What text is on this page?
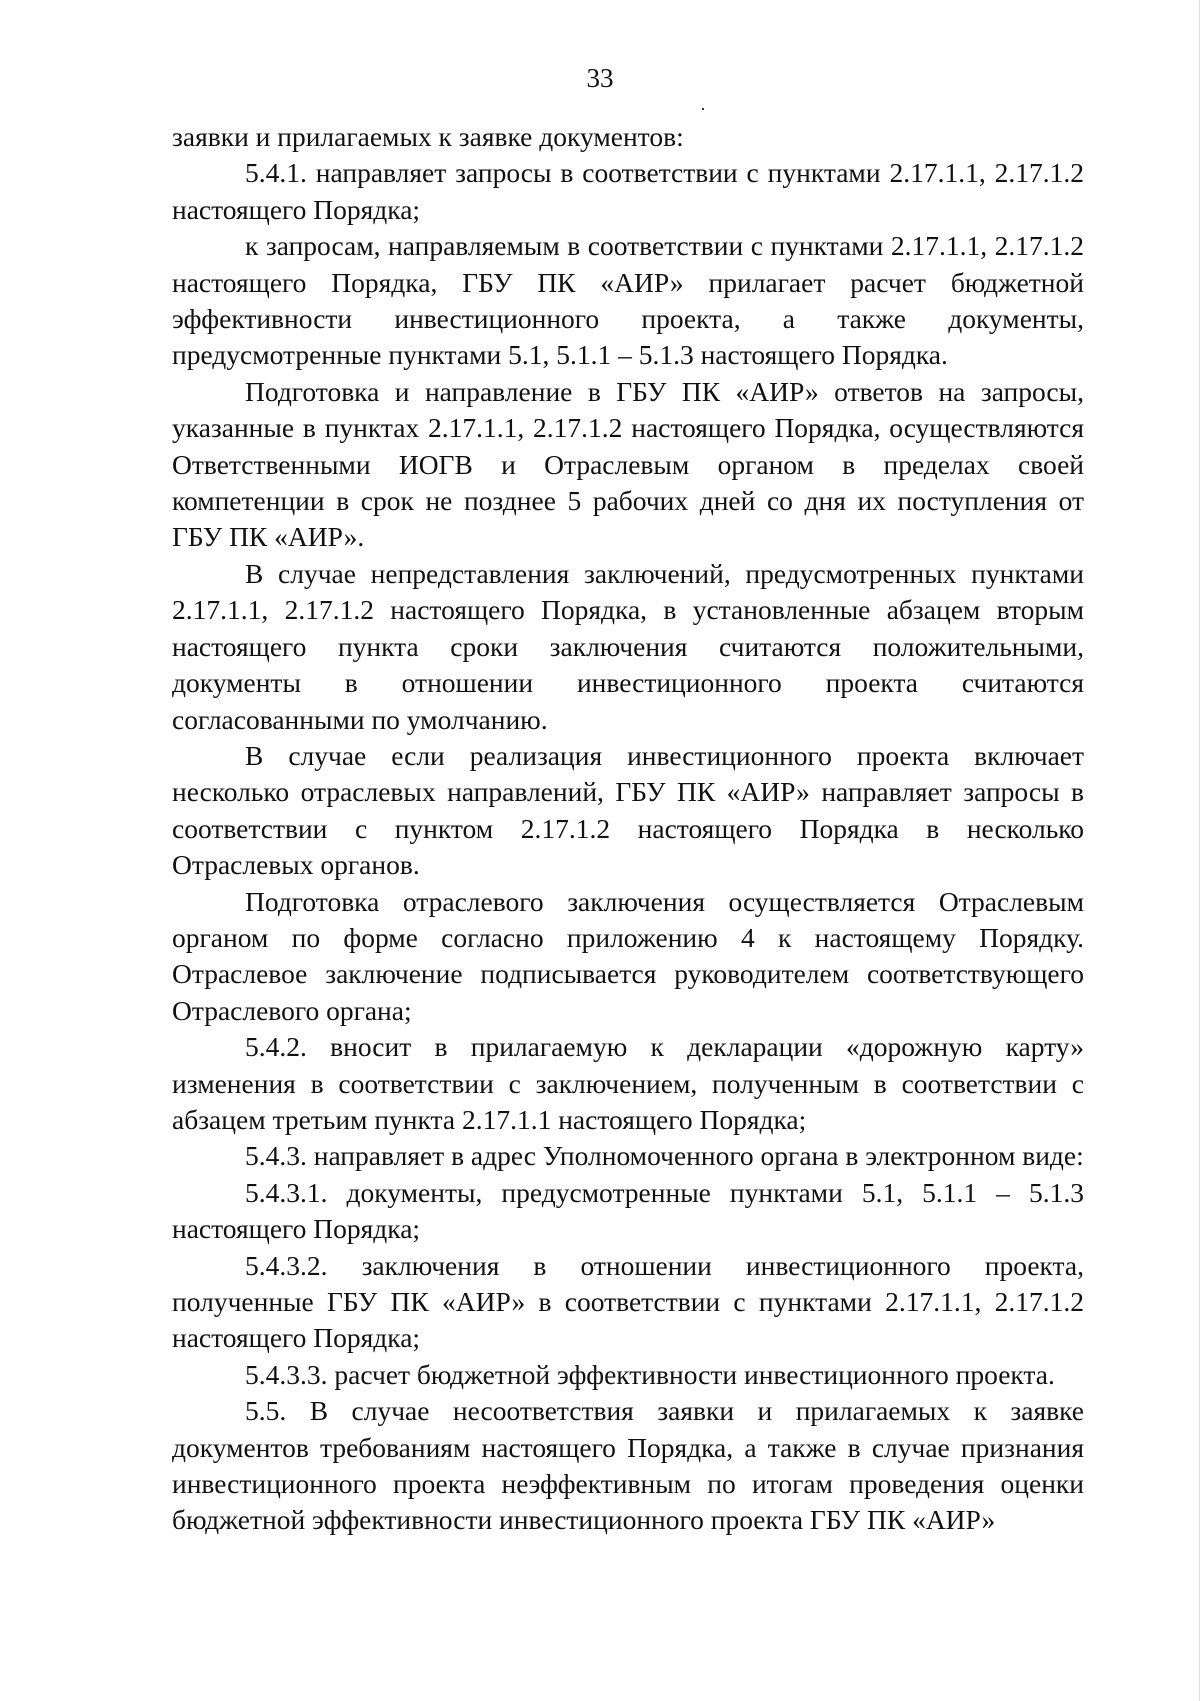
33

заявки и прилагаемых к заявке документов:

5.4.1. направляет запросы в соответствии с пунктами 2.17.1.1, 2.17.1.2 настоящего Порядка;

к запросам, направляемым в соответствии с пунктами 2.17.1.1, 2.17.1.2 настоящего Порядка, ГБУ ПК «АИР» прилагает расчет бюджетной эффективности инвестиционного проекта, а также документы, предусмотренные пунктами 5.1, 5.1.1 – 5.1.3 настоящего Порядка.

Подготовка и направление в ГБУ ПК «АИР» ответов на запросы, указанные в пунктах 2.17.1.1, 2.17.1.2 настоящего Порядка, осуществляются Ответственными ИОГВ и Отраслевым органом в пределах своей компетенции в срок не позднее 5 рабочих дней со дня их поступления от ГБУ ПК «АИР».

В случае непредставления заключений, предусмотренных пунктами 2.17.1.1, 2.17.1.2 настоящего Порядка, в установленные абзацем вторым настоящего пункта сроки заключения считаются положительными, документы в отношении инвестиционного проекта считаются согласованными по умолчанию.

В случае если реализация инвестиционного проекта включает несколько отраслевых направлений, ГБУ ПК «АИР» направляет запросы в соответствии с пунктом 2.17.1.2 настоящего Порядка в несколько Отраслевых органов.

Подготовка отраслевого заключения осуществляется Отраслевым органом по форме согласно приложению 4 к настоящему Порядку. Отраслевое заключение подписывается руководителем соответствующего Отраслевого органа;

5.4.2. вносит в прилагаемую к декларации «дорожную карту» изменения в соответствии с заключением, полученным в соответствии с абзацем третьим пункта 2.17.1.1 настоящего Порядка;

5.4.3. направляет в адрес Уполномоченного органа в электронном виде:

5.4.3.1. документы, предусмотренные пунктами 5.1, 5.1.1 – 5.1.3 настоящего Порядка;

5.4.3.2. заключения в отношении инвестиционного проекта, полученные ГБУ ПК «АИР» в соответствии с пунктами 2.17.1.1, 2.17.1.2 настоящего Порядка;

5.4.3.3. расчет бюджетной эффективности инвестиционного проекта.

5.5. В случае несоответствия заявки и прилагаемых к заявке документов требованиям настоящего Порядка, а также в случае признания инвестиционного проекта неэффективным по итогам проведения оценки бюджетной эффективности инвестиционного проекта ГБУ ПК «АИР»
